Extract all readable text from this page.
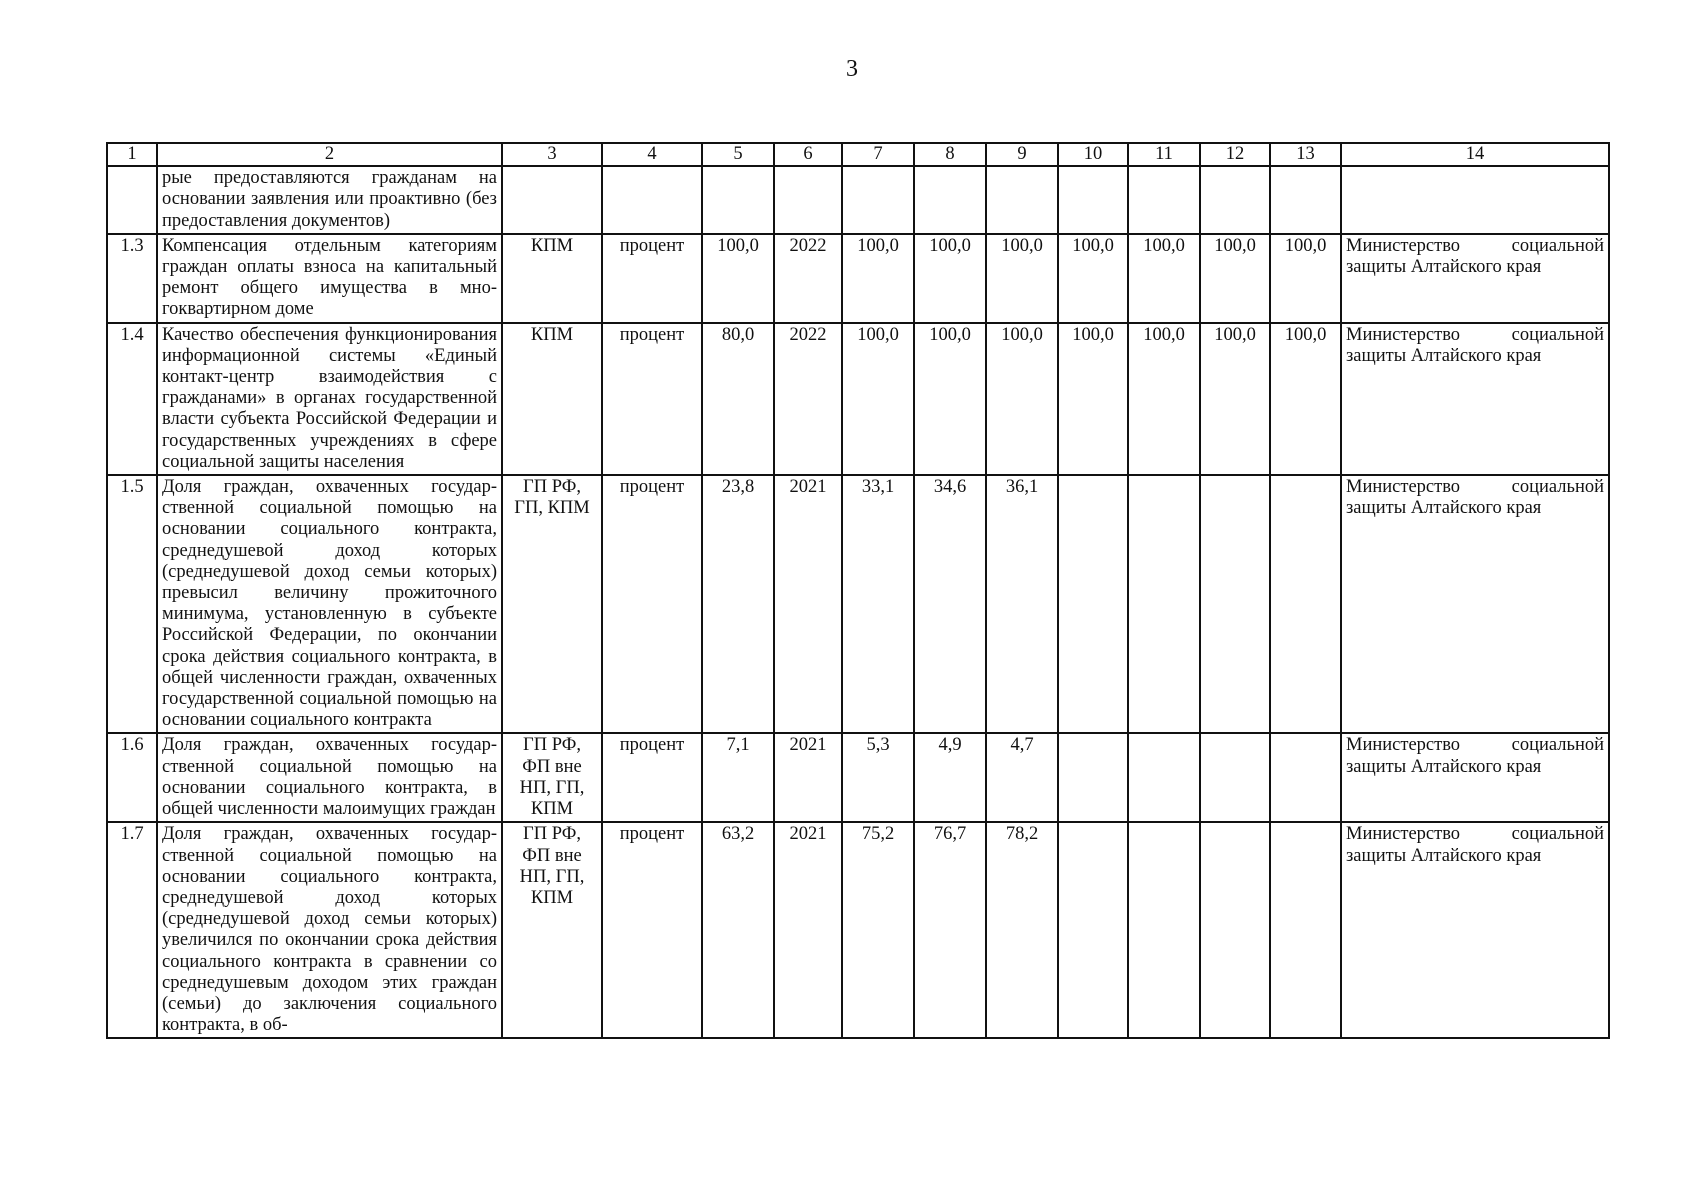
3
1	2	3	4	5	6	7	8	9	10	11	12	13	14
	рые предоставляются гражданам на основании заявления или проактивно (без предоставления документов)												
1.3	Компенсация отдельным категориям граждан оплаты взноса на капитальный ремонт общего имущества в многоквартирном доме	КПМ	процент	100,0	2022	100,0	100,0	100,0	100,0	100,0	100,0	100,0	Министерство социальной защиты Алтайского края
1.4	Качество обеспечения функционирования информационной системы «Единый контакт-центр взаимодействия с гражданами» в органах государственной власти субъекта Российской Федерации и государственных учреждениях в сфере социальной защиты населения	КПМ	процент	80,0	2022	100,0	100,0	100,0	100,0	100,0	100,0	100,0	Министерство социальной защиты Алтайского края
1.5	Доля граждан, охваченных государственной социальной помощью на основании социального контракта, среднедушевой доход которых (среднедушевой доход семьи которых) превысил величину прожиточного минимума, установленную в субъекте Российской Федерации, по окончании срока действия социального контракта, в общей численности граждан, охваченных государственной социальной помощью на основании социального контракта	ГП РФ, ГП, КПМ	процент	23,8	2021	33,1	34,6	36,1					Министерство социальной защиты Алтайского края
1.6	Доля граждан, охваченных государственной социальной помощью на основании социального контракта, в общей численности малоимущих граждан	ГП РФ, ФП вне НП, ГП, КПМ	процент	7,1	2021	5,3	4,9	4,7					Министерство социальной защиты Алтайского края
1.7	Доля граждан, охваченных государственной социальной помощью на основании социального контракта, среднедушевой доход которых (среднедушевой доход семьи которых) увеличился по окончании срока действия социального контракта в сравнении со среднедушевым доходом этих граждан (семьи) до заключения социального контракта, в об-	ГП РФ, ФП вне НП, ГП, КПМ	процент	63,2	2021	75,2	76,7	78,2					Министерство социальной защиты Алтайского края
